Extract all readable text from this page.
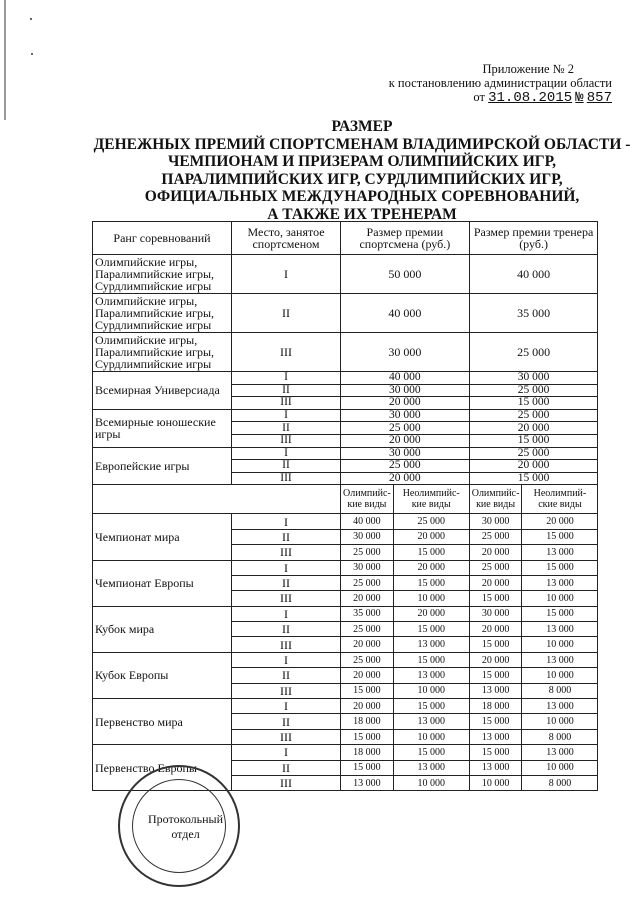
Приложение № 2
к постановлению администрации области
от 31.08.2015 № 857
РАЗМЕР
ДЕНЕЖНЫХ ПРЕМИЙ СПОРТСМЕНАМ ВЛАДИМИРСКОЙ ОБЛАСТИ -
ЧЕМПИОНАМ И ПРИЗЕРАМ ОЛИМПИЙСКИХ ИГР,
ПАРАЛИМПИЙСКИХ ИГР, СУРДЛИМПИЙСКИХ ИГР,
ОФИЦИАЛЬНЫХ МЕЖДУНАРОДНЫХ СОРЕВНОВАНИЙ,
А ТАКЖЕ ИХ ТРЕНЕРАМ
Ранг соревнований	Место, занятое спортсменом	Размер премии спортсмена (руб.)		Размер премии тренера (руб.)	
Олимпийские игры, Паралимпийские игры, Сурдлимпийские игры	I	50 000		40 000	
Олимпийские игры, Паралимпийские игры, Сурдлимпийские игры	II	40 000		35 000	
Олимпийские игры, Паралимпийские игры, Сурдлимпийские игры	III	30 000		25 000	
Всемирная Универсиада	I	40 000		30 000	
	II	30 000		25 000	
	III	20 000		15 000	
Всемирные юношеские игры	I	30 000		25 000	
	II	25 000		20 000	
	III	20 000		15 000	
Европейские игры	I	30 000		25 000	
	II	25 000		20 000	
	III	20 000		15 000	
		Олимпийс-кие виды	Неолимпийс-кие виды	Олимпийс-кие виды	Неолимпий-ские виды
Чемпионат мира	I	40 000	25 000	30 000	20 000
	II	30 000	20 000	25 000	15 000
	III	25 000	15 000	20 000	13 000
Чемпионат Европы	I	30 000	20 000	25 000	15 000
	II	25 000	15 000	20 000	13 000
	III	20 000	10 000	15 000	10 000
Кубок мира	I	35 000	20 000	30 000	15 000
	II	25 000	15 000	20 000	13 000
	III	20 000	13 000	15 000	10 000
Кубок Европы	I	25 000	15 000	20 000	13 000
	II	20 000	13 000	15 000	10 000
	III	15 000	10 000	13 000	8 000
Первенство мира	I	20 000	15 000	18 000	13 000
	II	18 000	13 000	15 000	10 000
	III	15 000	10 000	13 000	8 000
Первенство Европы	I	18 000	15 000	15 000	13 000
	II	15 000	13 000	13 000	10 000
	III	13 000	10 000	10 000	8 000
Протокольный
отдел
